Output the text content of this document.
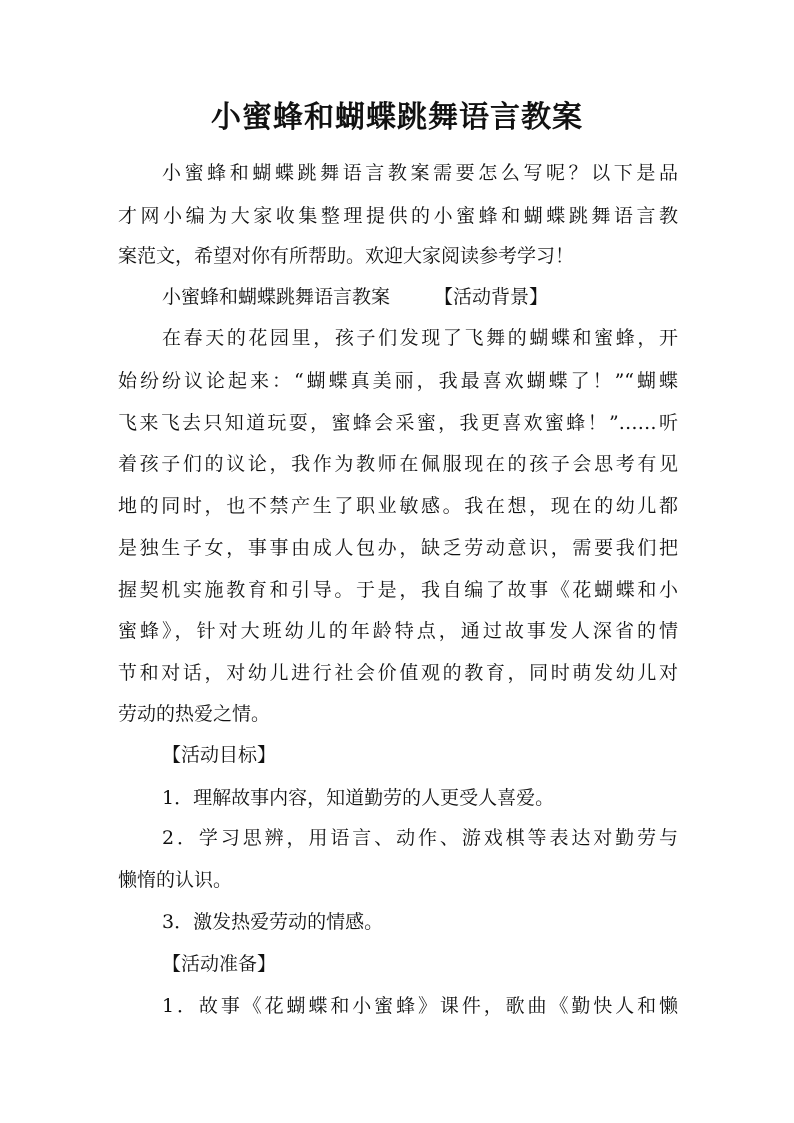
小蜜蜂和蝴蝶跳舞语言教案
小蜜蜂和蝴蝶跳舞语言教案需要怎么写呢？以下是品
才网小编为大家收集整理提供的小蜜蜂和蝴蝶跳舞语言教
案范文，希望对你有所帮助。欢迎大家阅读参考学习！
小蜜蜂和蝴蝶跳舞语言教案 【活动背景】
在春天的花园里，孩子们发现了飞舞的蝴蝶和蜜蜂，开
始纷纷议论起来：“蝴蝶真美丽，我最喜欢蝴蝶了！”“蝴蝶
飞来飞去只知道玩耍，蜜蜂会采蜜，我更喜欢蜜蜂！”……听
着孩子们的议论，我作为教师在佩服现在的孩子会思考有见
地的同时，也不禁产生了职业敏感。我在想，现在的幼儿都
是独生子女，事事由成人包办，缺乏劳动意识，需要我们把
握契机实施教育和引导。于是，我自编了故事《花蝴蝶和小
蜜蜂》，针对大班幼儿的年龄特点，通过故事发人深省的情
节和对话，对幼儿进行社会价值观的教育，同时萌发幼儿对
劳动的热爱之情。
【活动目标】
1．理解故事内容，知道勤劳的人更受人喜爱。
2．学习思辨，用语言、动作、游戏棋等表达对勤劳与
懒惰的认识。
3．激发热爱劳动的情感。
【活动准备】
1．故事《花蝴蝶和小蜜蜂》课件，歌曲《勤快人和懒
